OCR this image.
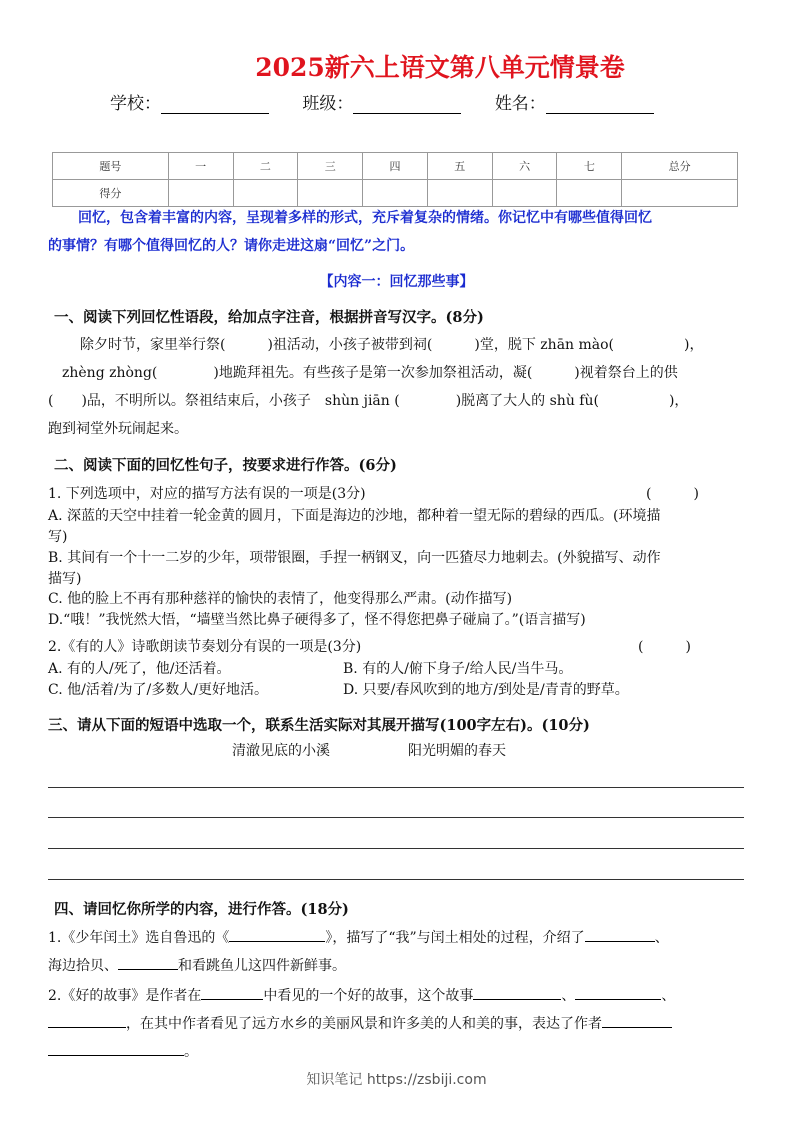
2025新六上语文第八单元情景卷
学校：	班级：	姓名：
题号	一	二	三	四	五	六	七	总分
得分								
回忆，包含着丰富的内容，呈现着多样的形式，充斥着复杂的情绪。你记忆中有哪些值得回忆
的事情？有哪个值得回忆的人？请你走进这扇“回忆”之门。
【内容一：回忆那些事】
一、阅读下列回忆性语段，给加点字注音，根据拼音写汉字。(8分)
除夕时节，家里举行祭(　　　)祖活动，小孩子被带到祠(　　　)堂，脱下 zhān mào(　　　　　)，
zhèng zhòng(　　　　)地跪拜祖先。有些孩子是第一次参加祭祖活动，凝(　　　)视着祭台上的供
(　　)品，不明所以。祭祖结束后，小孩子　shùn jiān (　　　　)脱离了大人的 shù fù(　　　　　)，
跑到祠堂外玩闹起来。
二、阅读下面的回忆性句子，按要求进行作答。(6分)
1. 下列选项中，对应的描写方法有误的一项是(3分)	(　　　)
A. 深蓝的天空中挂着一轮金黄的圆月，下面是海边的沙地，都种着一望无际的碧绿的西瓜。(环境描
写)
B. 其间有一个十一二岁的少年，项带银圈，手捏一柄钢叉，向一匹猹尽力地刺去。(外貌描写、动作
描写)
C. 他的脸上不再有那种慈祥的愉快的表情了，他变得那么严肃。(动作描写)
D.“哦！”我恍然大悟，“墙壁当然比鼻子硬得多了，怪不得您把鼻子碰扁了。”(语言描写)
2.《有的人》诗歌朗读节奏划分有误的一项是(3分)	(　　　)
A. 有的人/死了，他/还活着。	B. 有的人/俯下身子/给人民/当牛马。
C. 他/活着/为了/多数人/更好地活。	D. 只要/春风吹到的地方/到处是/青青的野草。
三、请从下面的短语中选取一个，联系生活实际对其展开描写(100字左右)。(10分)
清澈见底的小溪	阳光明媚的春天
四、请回忆你所学的内容，进行作答。(18分)
1.《少年闰土》选自鲁迅的《	》，描写了“我”与闰土相处的过程，介绍了	、
海边拾贝、	和看跳鱼儿这四件新鲜事。
2.《好的故事》是作者在	中看见的一个好的故事，这个故事	、	、
，在其中作者看见了远方水乡的美丽风景和许多美的人和美的事，表达了作者
。
知识笔记 https://zsbiji.com
